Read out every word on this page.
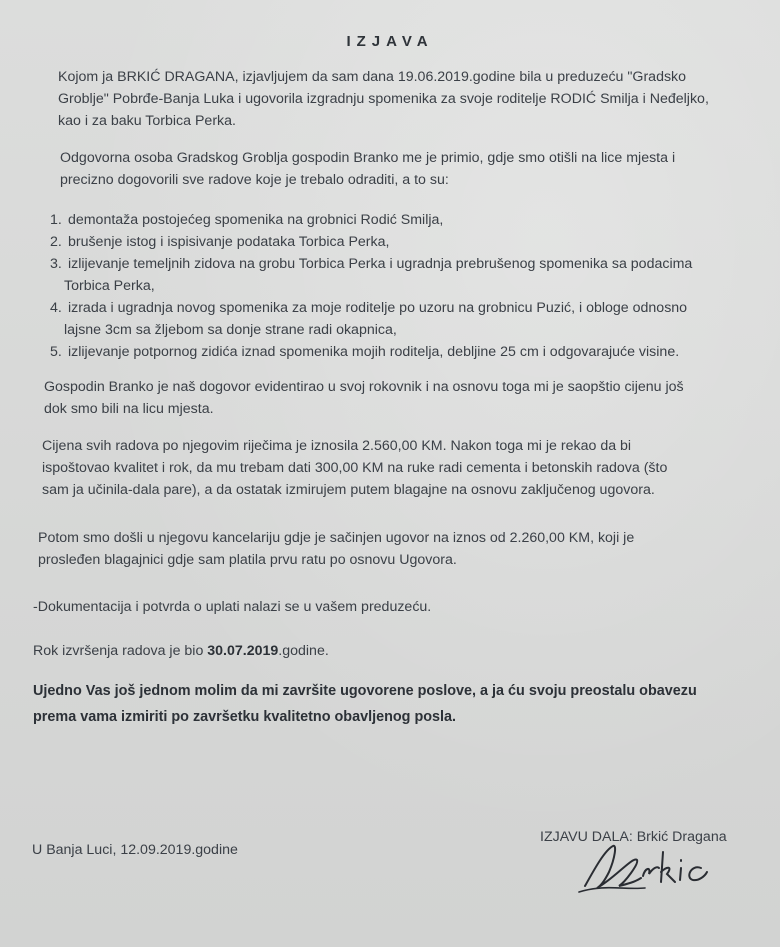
IZJAVA
Kojom ja BRKIĆ DRAGANA, izjavljujem da sam dana 19.06.2019.godine bila u preduzeću "Gradsko
Groblje" Pobrđe-Banja Luka i ugovorila izgradnju spomenika za svoje roditelje RODIĆ Smilja i Neđeljko,
kao i za baku Torbica Perka.
Odgovorna osoba Gradskog Groblja gospodin Branko me je primio, gdje smo otišli na lice mjesta i
precizno dogovorili sve radove koje je trebalo odraditi, a to su:
1. demontaža postojećeg spomenika na grobnici Rodić Smilja,
2. brušenje istog i ispisivanje podataka Torbica Perka,
3. izlijevanje temeljnih zidova na grobu Torbica Perka i ugradnja prebrušenog spomenika sa podacima
Torbica Perka,
4. izrada i ugradnja novog spomenika za moje roditelje po uzoru na grobnicu Puzić, i obloge odnosno
lajsne 3cm sa žljebom sa donje strane radi okapnica,
5. izlijevanje potpornog zidića iznad spomenika mojih roditelja, debljine 25 cm i odgovarajuće visine.
Gospodin Branko je naš dogovor evidentirao u svoj rokovnik i na osnovu toga mi je saopštio cijenu još
dok smo bili na licu mjesta.
Cijena svih radova po njegovim riječima je iznosila 2.560,00 KM. Nakon toga mi je rekao da bi
ispoštovao kvalitet i rok, da mu trebam dati 300,00 KM na ruke radi cementa i betonskih radova (što
sam ja učinila-dala pare), a da ostatak izmirujem putem blagajne na osnovu zaključenog ugovora.
Potom smo došli u njegovu kancelariju gdje je sačinjen ugovor na iznos od 2.260,00 KM, koji je
prosleđen blagajnici gdje sam platila prvu ratu po osnovu Ugovora.
-Dokumentacija i potvrda o uplati nalazi se u vašem preduzeću.
Rok izvršenja radova je bio 30.07.2019.godine.
Ujedno Vas još jednom molim da mi završite ugovorene poslove, a ja ću svoju preostalu obavezu
prema vama izmiriti po završetku kvalitetno obavljenog posla.
U Banja Luci, 12.09.2019.godine
IZJAVU DALA: Brkić Dragana
